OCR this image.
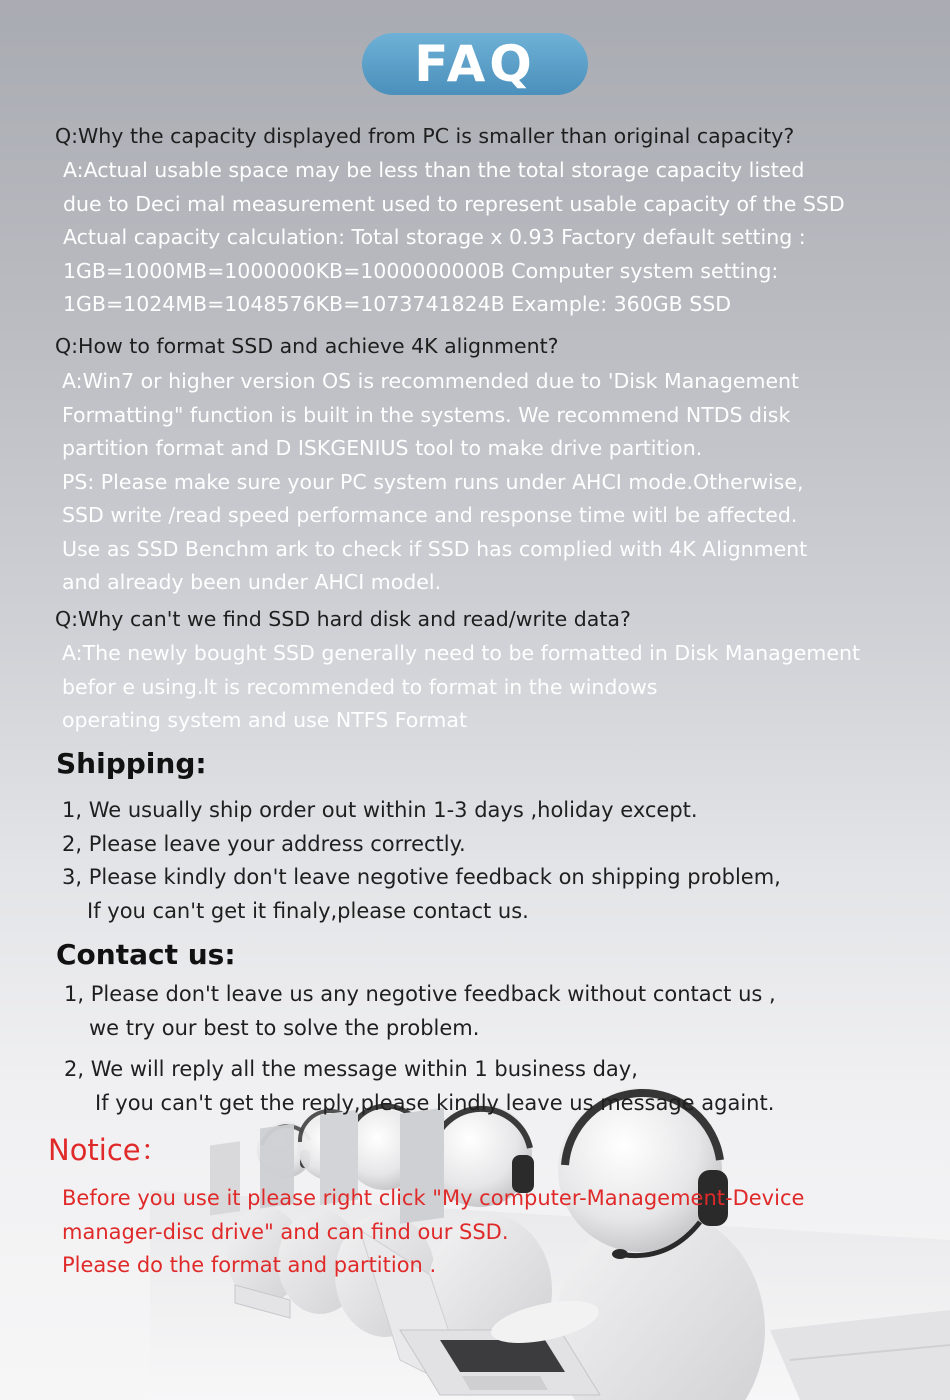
FAQ

Q:Why the capacity displayed from PC is smaller than original capacity?

A:Actual usable space may be less than the total storage capacity listed
due to Deci mal measurement used to represent usable capacity of the SSD
Actual capacity calculation: Total storage x 0.93 Factory default setting :
1GB=1000MB=1000000KB=1000000000B Computer system setting:
1GB=1024MB=1048576KB=1073741824B Example: 360GB SSD

Q:How to format SSD and achieve 4K alignment?

A:Win7 or higher version OS is recommended due to 'Disk Management
Formatting" function is built in the systems. We recommend NTDS disk
partition format and D ISKGENIUS tool to make drive partition.
PS: Please make sure your PC system runs under AHCI mode.Otherwise,
SSD write /read speed performance and response time witl be affected.
Use as SSD Benchm ark to check if SSD has complied with 4K Alignment
and already been under AHCI model.

Q:Why can't we find SSD hard disk and read/write data?

A:The newly bought SSD generally need to be formatted in Disk Management
befor e using.lt is recommended to format in the windows
operating system and use NTFS Format
Shipping:
1, We usually ship order out within 1-3 days ,holiday except.
2, Please leave your address correctly.
3, Please kindly don't leave negotive feedback on shipping problem,
If you can't get it finaly,please contact us.
Contact us:
1, Please don't leave us any negotive feedback without contact us ,
we try our best to solve the problem.
2, We will reply all the message within 1 business day,
If you can't get the reply,please kindly leave us message againt.
Notice：
Before you use it please right click "My computer-Management-Device
manager-disc drive" and can find our SSD.
Please do the format and partition .
